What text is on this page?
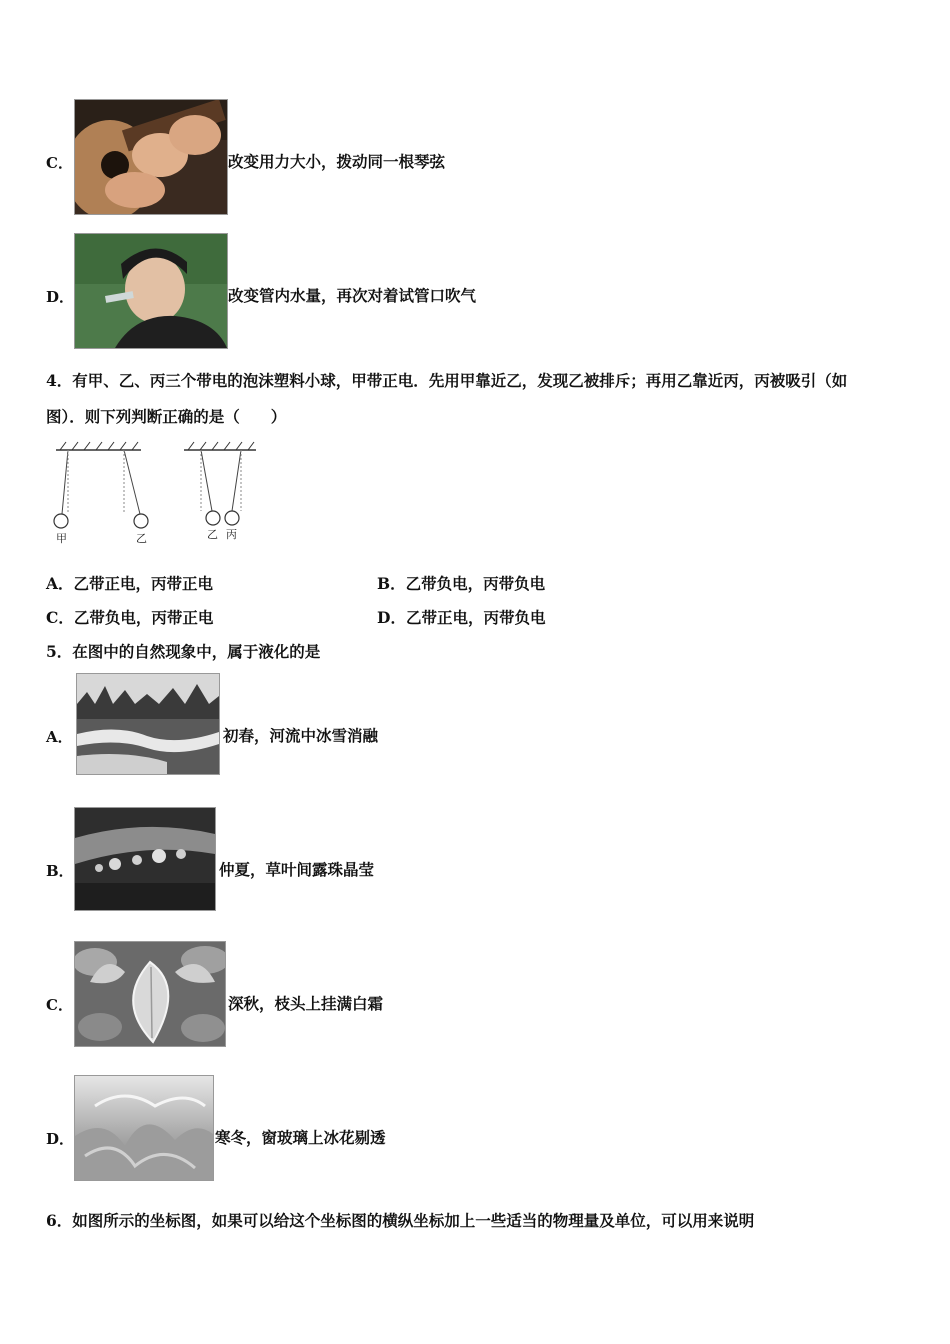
C．	改变用力大小，拨动同一根琴弦
D．	改变管内水量，再次对着试管口吹气
4．有甲、乙、丙三个带电的泡沫塑料小球，甲带正电．先用甲靠近乙，发现乙被排斥；再用乙靠近丙，丙被吸引（如
图）．则下列判断正确的是（　　）
甲	乙	乙 丙
A．乙带正电，丙带正电	B．乙带负电，丙带负电
C．乙带负电，丙带正电	D．乙带正电，丙带负电
5．在图中的自然现象中，属于液化的是
A．	初春，河流中冰雪消融
B．	仲夏，草叶间露珠晶莹
C．	深秋，枝头上挂满白霜
D．	寒冬，窗玻璃上冰花剔透
6．如图所示的坐标图，如果可以给这个坐标图的横纵坐标加上一些适当的物理量及单位，可以用来说明
